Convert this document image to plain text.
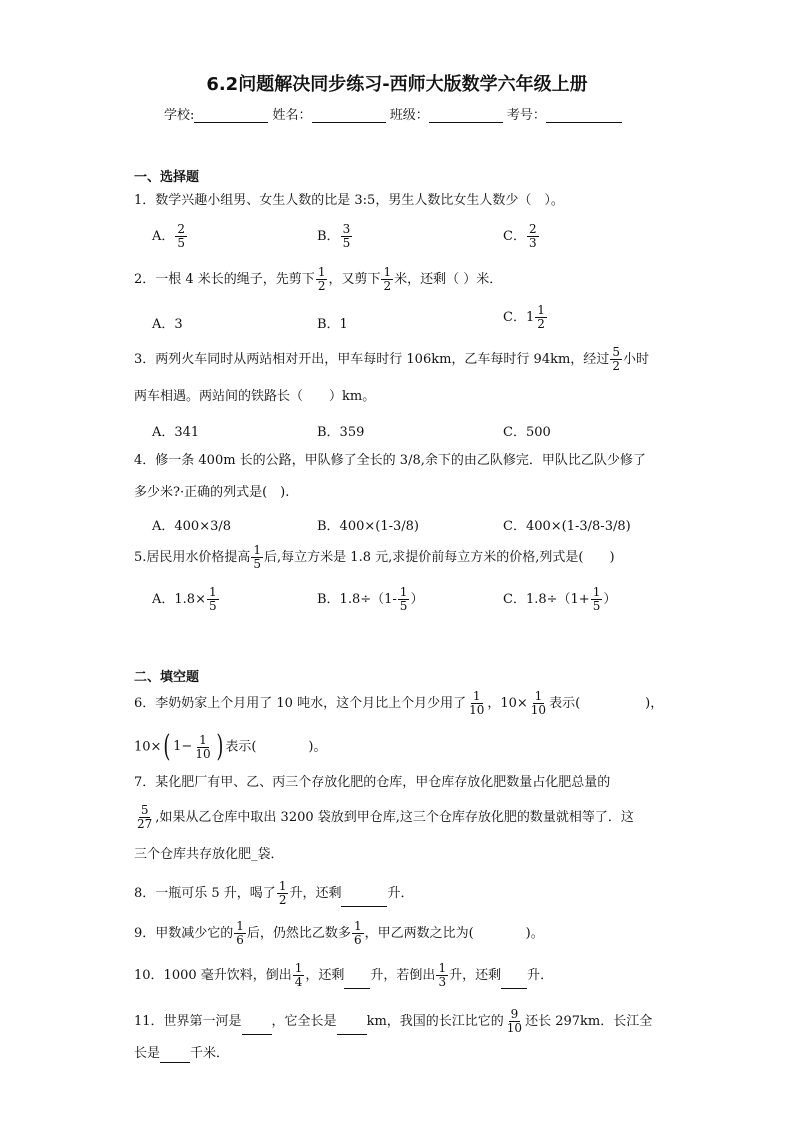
6.2问题解决同步练习-西师大版数学六年级上册
学校:	姓名：	班级：	考号：
一、选择题
1．数学兴趣小组男、女生人数的比是 3:5，男生人数比女生人数少（　）。
A． $\frac{2}{5}$	B． $\frac{3}{5}$	C． $\frac{2}{3}$
2．一根 4 米长的绳子，先剪下 $\frac{1}{2}$ ，又剪下 $\frac{1}{2}$ 米，还剩（ ）米．
A．3	B．1	C．$1 \frac{1}{2}$
3．两列火车同时从两站相对开出，甲车每时行 106km，乙车每时行 94km，经过 $\frac{5}{2}$ 小时
两车相遇。两站间的铁路长（　　）km。
A．341	B．359	C．500
4．修一条 400m 长的公路，甲队修了全长的 3/8,余下的由乙队修完．甲队比乙队少修了
多少米?·正确的列式是(　).
A．400×3/8	B．400×(1-3/8)	C．400×(1-3/8-3/8)
5.居民用水价格提高 $\frac{1}{5}$ 后,每立方米是 1.8 元,求提价前每立方米的价格,列式是(　　)
A．$1.8\times \frac{1}{5}$	B．$1.8\div(1- \frac{1}{5}$ ）	C．$1.8\div(1+ \frac{1}{5}$ ）
二、填空题
6．李奶奶家上个月用了 10 吨水，这个月比上个月少用了 $\frac{1}{10}$ ，$10\times \frac{1}{10}$ 表示(　　　　　)，
10× ( $1- \frac{1}{10}$ ) 表示(　　　　)。
7．某化肥厂有甲、乙、丙三个存放化肥的仓库，甲仓库存放化肥数量占化肥总量的
$\frac{5}{27}$ ,如果从乙仓库中取出 3200 袋放到甲仓库,这三个仓库存放化肥的数量就相等了．这
三个仓库共存放化肥_袋．
8．一瓶可乐 5 升，喝了 $\frac{1}{2}$ 升，还剩	升．
9．甲数减少它的 $\frac{1}{6}$ 后，仍然比乙数多 $\frac{1}{6}$ ，甲乙两数之比为(　　　　)。
10．1000 毫升饮料，倒出 $\frac{1}{4}$ ，还剩 升，若倒出 $\frac{1}{3}$ 升，还剩 升．
11．世界第一河是 ，它全长是 km，我国的长江比它的 $\frac{9}{10}$ 还长 297km．长江全
长是 千米．
